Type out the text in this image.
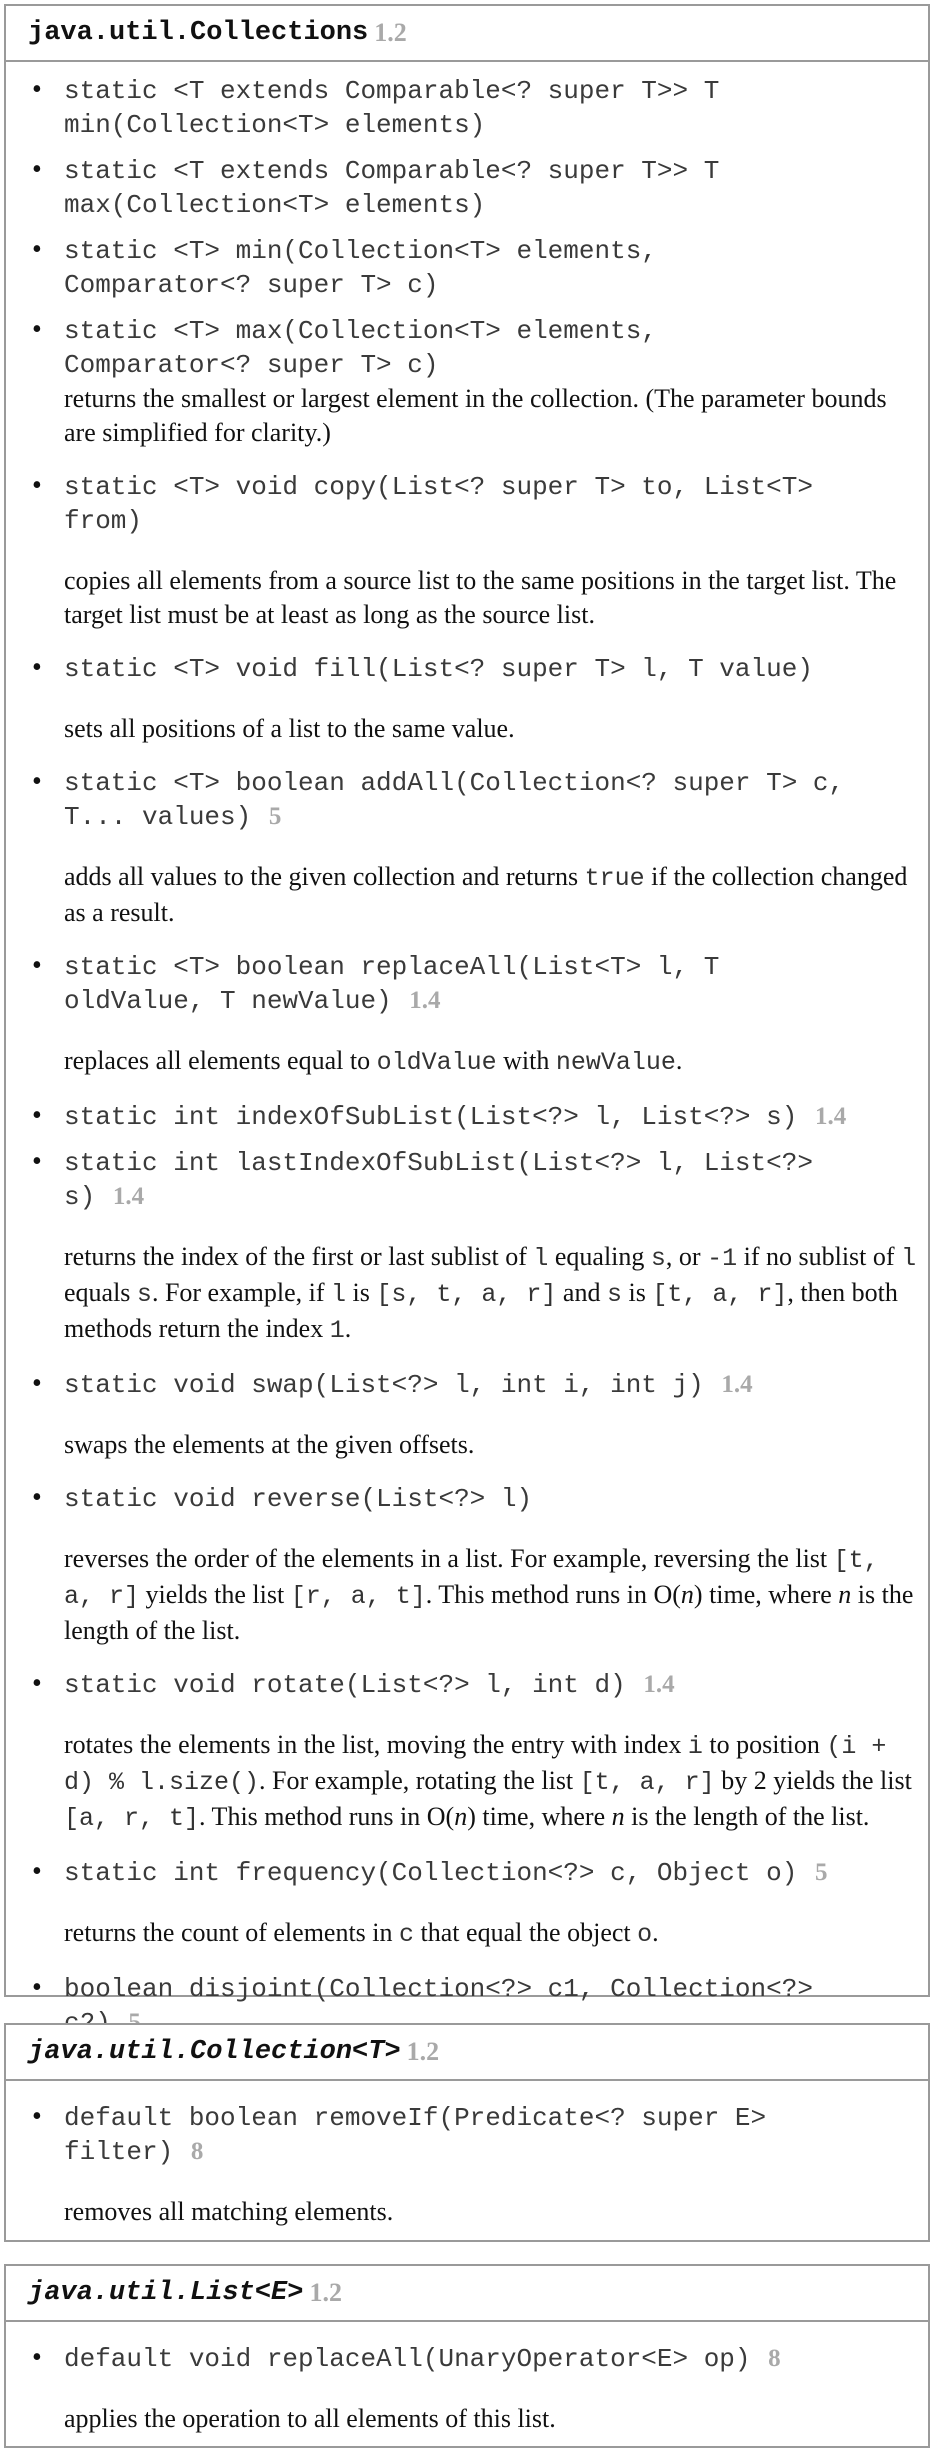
java.util.Collections 1.2
• static <T extends Comparable<? super T>> T
min(Collection<T> elements)
• static <T extends Comparable<? super T>> T
max(Collection<T> elements)
• static <T> min(Collection<T> elements,
Comparator<? super T> c)
• static <T> max(Collection<T> elements,
Comparator<? super T> c)
returns the smallest or largest element in the collection. (The parameter bounds are simplified for clarity.)
• static <T> void copy(List<? super T> to, List<T>
from)
copies all elements from a source list to the same positions in the target list. The target list must be at least as long as the source list.
• static <T> void fill(List<? super T> l, T value)
sets all positions of a list to the same value.
• static <T> boolean addAll(Collection<? super T> c,
T... values) 5
adds all values to the given collection and returns true if the collection changed as a result.
• static <T> boolean replaceAll(List<T> l, T
oldValue, T newValue) 1.4
replaces all elements equal to oldValue with newValue.
• static int indexOfSubList(List<?> l, List<?> s) 1.4
• static int lastIndexOfSubList(List<?> l, List<?>
s) 1.4
returns the index of the first or last sublist of l equaling s, or -1 if no sublist of l equals s. For example, if l is [s, t, a, r] and s is [t, a, r], then both methods return the index 1.
• static void swap(List<?> l, int i, int j) 1.4
swaps the elements at the given offsets.
• static void reverse(List<?> l)
reverses the order of the elements in a list. For example, reversing the list [t, a, r] yields the list [r, a, t]. This method runs in O(n) time, where n is the length of the list.
• static void rotate(List<?> l, int d) 1.4
rotates the elements in the list, moving the entry with index i to position (i + d) % l.size(). For example, rotating the list [t, a, r] by 2 yields the list [a, r, t]. This method runs in O(n) time, where n is the length of the list.
• static int frequency(Collection<?> c, Object o) 5
returns the count of elements in c that equal the object o.
• boolean disjoint(Collection<?> c1, Collection<?>

java.util.Collection<T> 1.2
• default boolean removeIf(Predicate<? super E>
filter) 8
removes all matching elements.
java.util.List<E> 1.2
• default void replaceAll(UnaryOperator<E> op) 8
applies the operation to all elements of this list.
